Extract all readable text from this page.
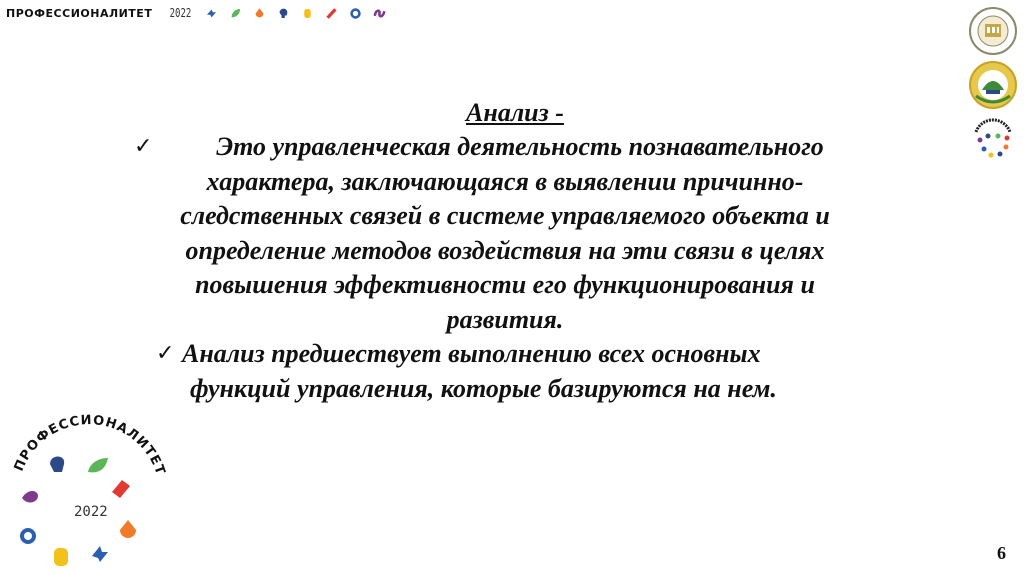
ПРОФЕССИОНАЛИТЕТ 2022
Анализ -
✓	Это управленческая деятельность познавательного
характера, заключающаяся в выявлении причинно-
следственных связей в системе управляемого объекта и
определение методов воздействия на эти связи в целях
повышения эффективности его функционирования и
развития.
✓ Анализ предшествует выполнению всех основных
функций управления, которые базируются на нем.
ПРОФЕССИОНАЛИТЕТ
2022
6
